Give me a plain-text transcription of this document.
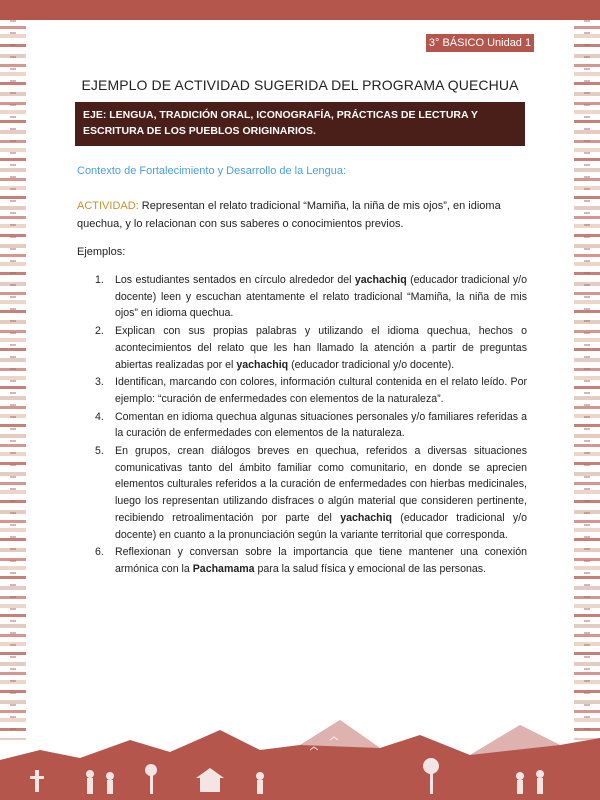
3° BÁSICO Unidad 1
EJEMPLO DE ACTIVIDAD SUGERIDA DEL PROGRAMA QUECHUA
EJE: LENGUA, TRADICIÓN ORAL, ICONOGRAFÍA, PRÁCTICAS DE LECTURA Y ESCRITURA DE LOS PUEBLOS ORIGINARIOS.
Contexto de Fortalecimiento y Desarrollo de la Lengua:
ACTIVIDAD: Representan el relato tradicional “Mamiña, la niña de mis ojos”, en idioma quechua, y lo relacionan con sus saberes o conocimientos previos.
Ejemplos:
1. Los estudiantes sentados en círculo alrededor del yachachiq (educador tradicional y/o docente) leen y escuchan atentamente el relato tradicional “Mamiña, la niña de mis ojos” en idioma quechua.
2. Explican con sus propias palabras y utilizando el idioma quechua, hechos o acontecimientos del relato que les han llamado la atención a partir de preguntas abiertas realizadas por el yachachiq (educador tradicional y/o docente).
3. Identifican, marcando con colores, información cultural contenida en el relato leído. Por ejemplo: “curación de enfermedades con elementos de la naturaleza”.
4. Comentan en idioma quechua algunas situaciones personales y/o familiares referidas a la curación de enfermedades con elementos de la naturaleza.
5. En grupos, crean diálogos breves en quechua, referidos a diversas situaciones comunicativas tanto del ámbito familiar como comunitario, en donde se aprecien elementos culturales referidos a la curación de enfermedades con hierbas medicinales, luego los representan utilizando disfraces o algún material que consideren pertinente, recibiendo retroalimentación por parte del yachachiq (educador tradicional y/o docente) en cuanto a la pronunciación según la variante territorial que corresponda.
6. Reflexionan y conversan sobre la importancia que tiene mantener una conexión armónica con la Pachamama para la salud física y emocional de las personas.
